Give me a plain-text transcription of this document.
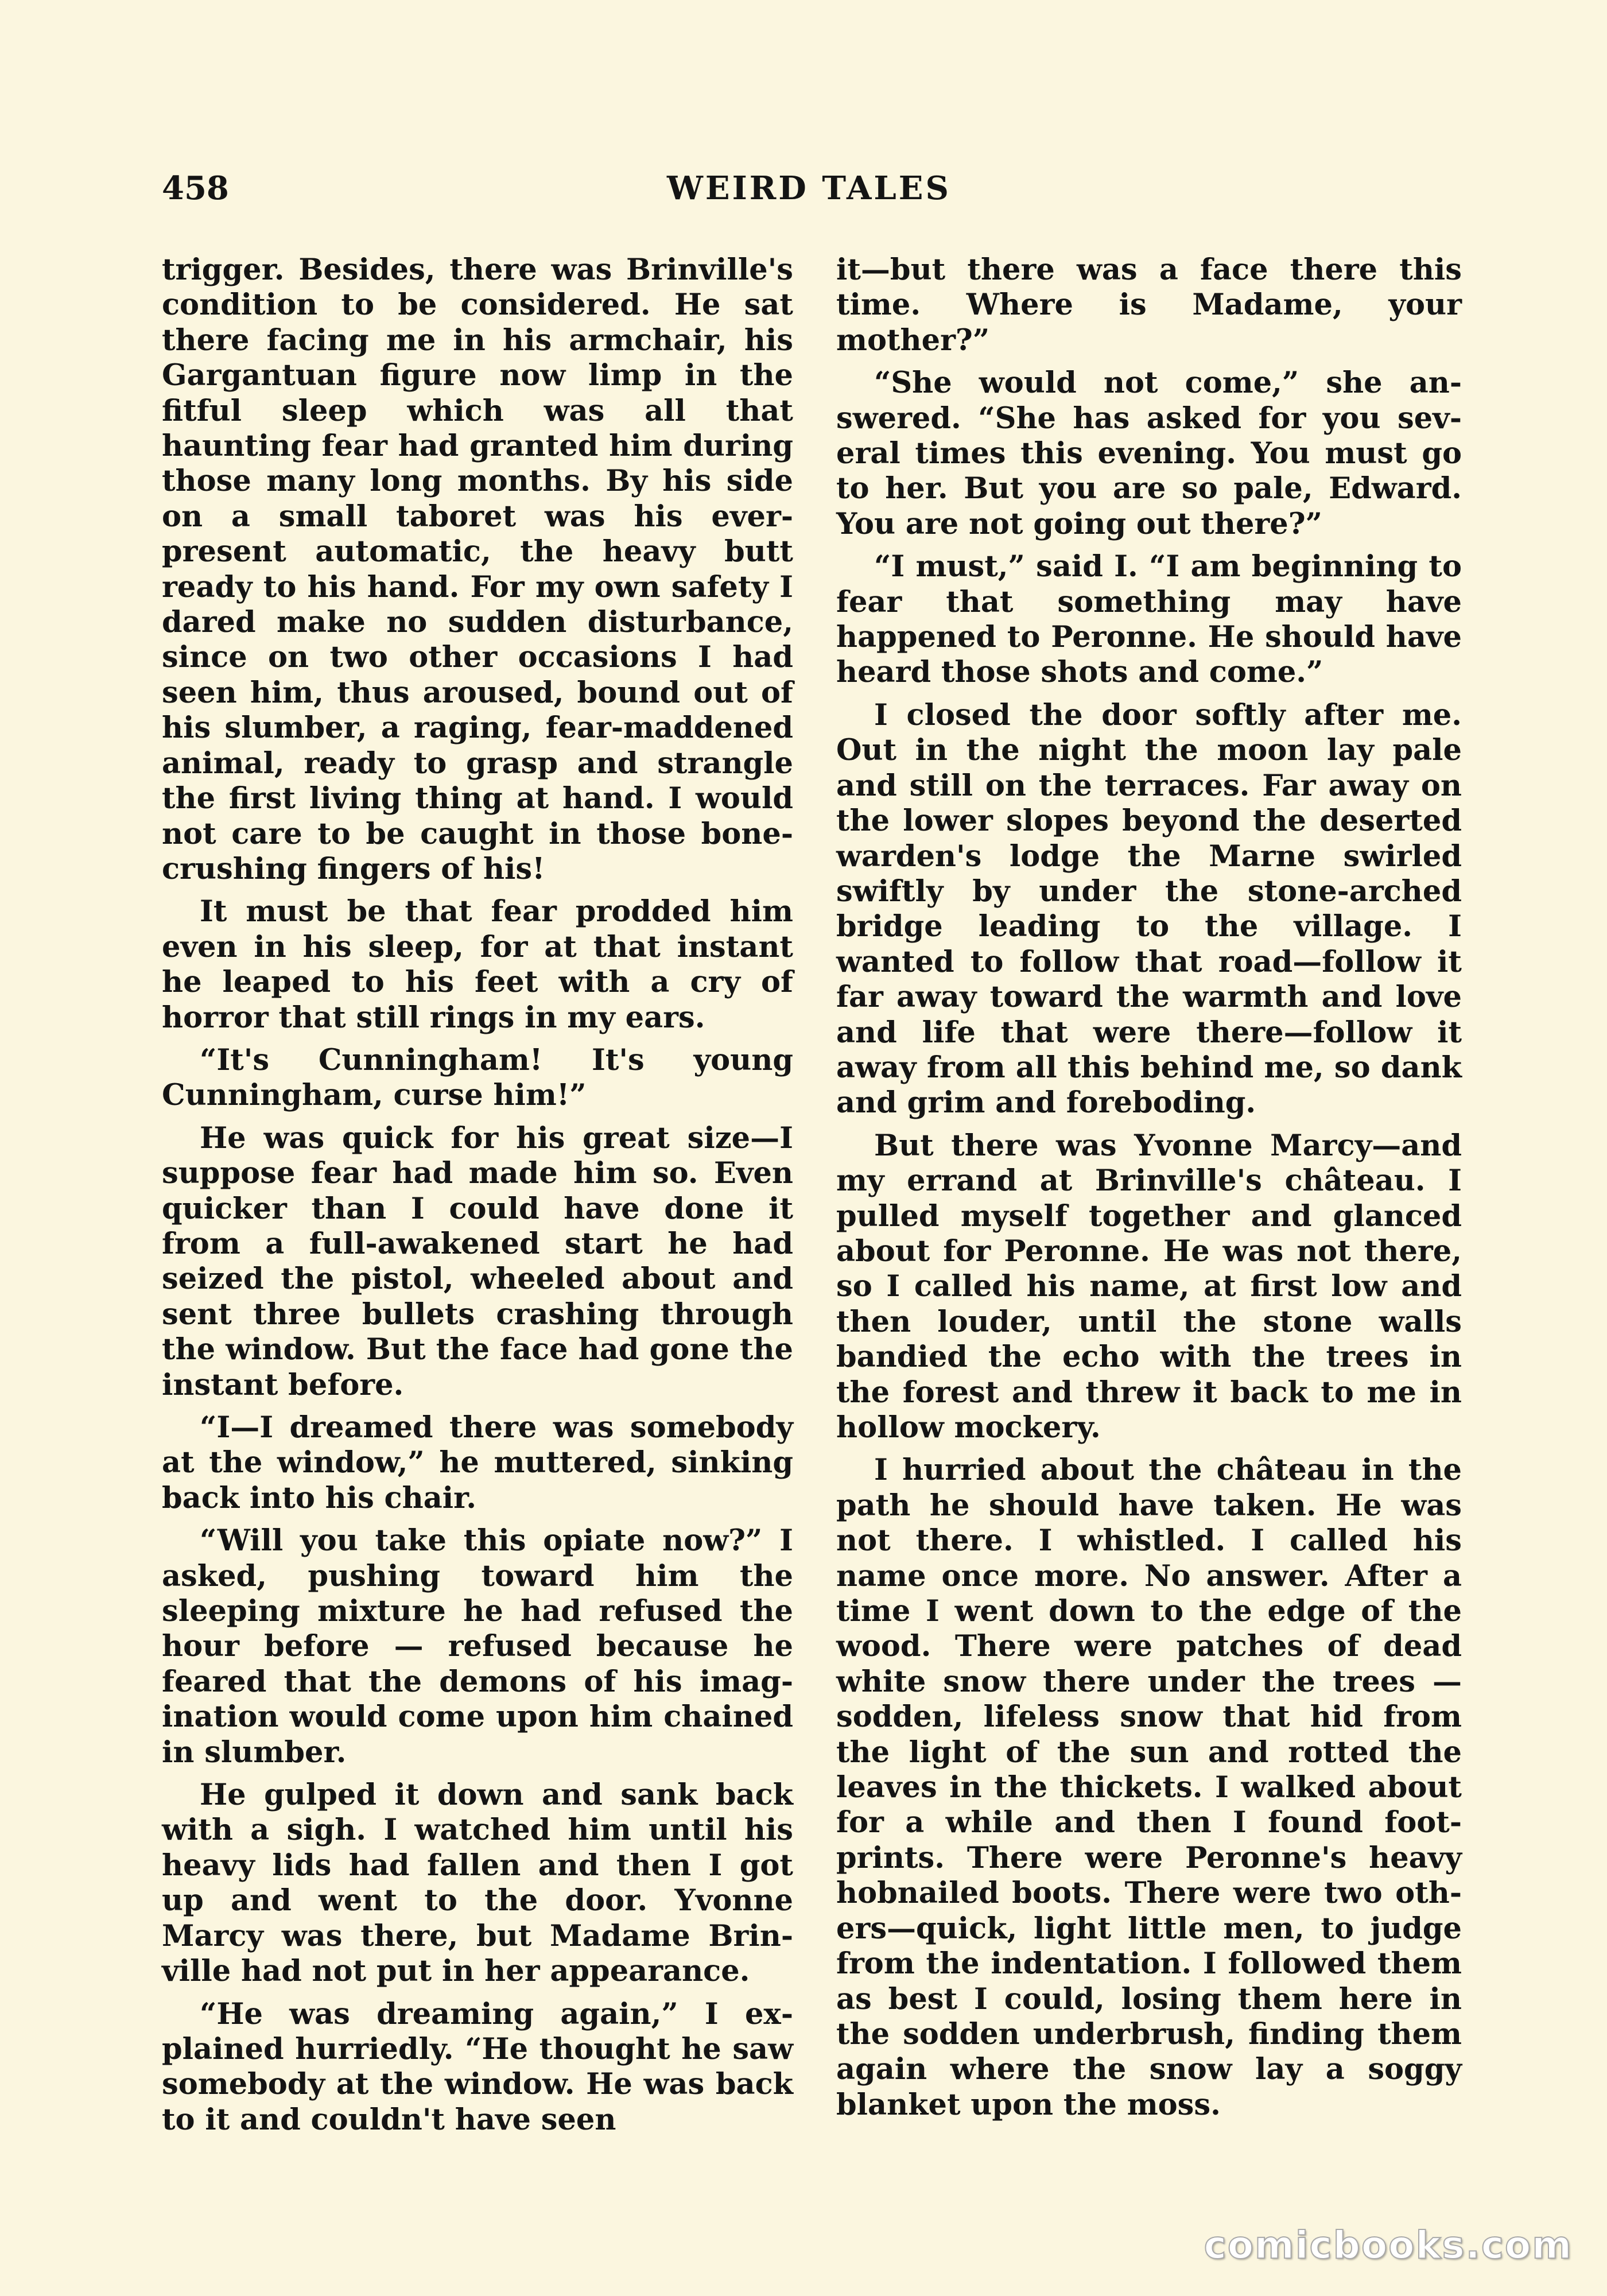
458	WEIRD TALES

trigger. Besides, there was Brinville's condition to be considered. He sat there facing me in his armchair, his Gargantuan figure now limp in the fitful sleep which was all that haunting fear had granted him during those many long months. By his side on a small taboret was his everpresent automatic, the heavy butt ready to his hand. For my own safety I dared make no sudden disturbance, since on two other occasions I had seen him, thus aroused, bound out of his slumber, a raging, fear-maddened animal, ready to grasp and strangle the first living thing at hand. I would not care to be caught in those bone-crushing fingers of his!

It must be that fear prodded him even in his sleep, for at that instant he leaped to his feet with a cry of horror that still rings in my ears.

“It's Cunningham! It's young Cunningham, curse him!”

He was quick for his great size—I suppose fear had made him so. Even quicker than I could have done it from a full-awakened start he had seized the pistol, wheeled about and sent three bullets crashing through the window. But the face had gone the instant before.

“I—I dreamed there was somebody at the window,” he muttered, sinking back into his chair.

“Will you take this opiate now?” I asked, pushing toward him the sleeping mixture he had refused the hour before — refused because he feared that the demons of his imagination would come upon him chained in slumber.

He gulped it down and sank back with a sigh. I watched him until his heavy lids had fallen and then I got up and went to the door. Yvonne Marcy was there, but Madame Brinville had not put in her appearance.

“He was dreaming again,” I explained hurriedly. “He thought he saw somebody at the window. He was back to it and couldn't have seen

it—but there was a face there this time. Where is Madame, your mother?”

“She would not come,” she answered. “She has asked for you several times this evening. You must go to her. But you are so pale, Edward. You are not going out there?”

“I must,” said I. “I am beginning to fear that something may have happened to Peronne. He should have heard those shots and come.”

I closed the door softly after me. Out in the night the moon lay pale and still on the terraces. Far away on the lower slopes beyond the deserted warden's lodge the Marne swirled swiftly by under the stone-arched bridge leading to the village. I wanted to follow that road—follow it far away toward the warmth and love and life that were there—follow it away from all this behind me, so dank and grim and foreboding.

But there was Yvonne Marcy—and my errand at Brinville's château. I pulled myself together and glanced about for Peronne. He was not there, so I called his name, at first low and then louder, until the stone walls bandied the echo with the trees in the forest and threw it back to me in hollow mockery.

I hurried about the château in the path he should have taken. He was not there. I whistled. I called his name once more. No answer. After a time I went down to the edge of the wood. There were patches of dead white snow there under the trees —sodden, lifeless snow that hid from the light of the sun and rotted the leaves in the thickets. I walked about for a while and then I found footprints. There were Peronne's heavy hobnailed boots. There were two others—quick, light little men, to judge from the indentation. I followed them as best I could, losing them here in the sodden underbrush, finding them again where the snow lay a soggy blanket upon the moss.

comicbooks.com
